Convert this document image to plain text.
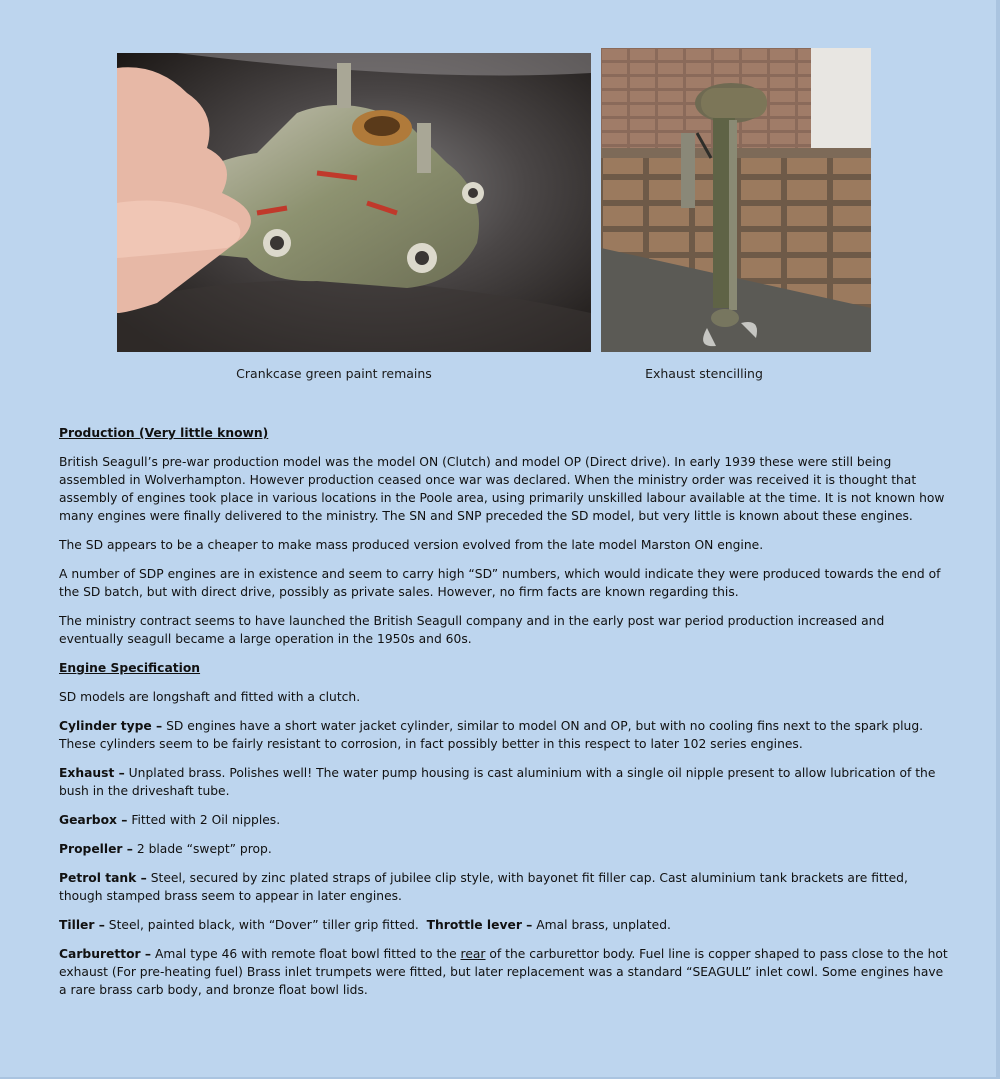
Crankcase green paint remains	Exhaust stencilling

Production (Very little known)

British Seagull’s pre-war production model was the model ON (Clutch) and model OP (Direct drive). In early 1939 these were still being assembled in Wolverhampton. However production ceased once war was declared. When the ministry order was received it is thought that assembly of engines took place in various locations in the Poole area, using primarily unskilled labour available at the time. It is not known how many engines were finally delivered to the ministry. The SN and SNP preceded the SD model, but very little is known about these engines.

The SD appears to be a cheaper to make mass produced version evolved from the late model Marston ON engine.

A number of SDP engines are in existence and seem to carry high “SD” numbers, which would indicate they were produced towards the end of the SD batch, but with direct drive, possibly as private sales. However, no firm facts are known regarding this.

The ministry contract seems to have launched the British Seagull company and in the early post war period production increased and eventually seagull became a large operation in the 1950s and 60s.

Engine Specification

SD models are longshaft and fitted with a clutch.

Cylinder type – SD engines have a short water jacket cylinder, similar to model ON and OP, but with no cooling fins next to the spark plug. These cylinders seem to be fairly resistant to corrosion, in fact possibly better in this respect to later 102 series engines.

Exhaust – Unplated brass. Polishes well! The water pump housing is cast aluminium with a single oil nipple present to allow lubrication of the bush in the driveshaft tube.

Gearbox – Fitted with 2 Oil nipples.

Propeller – 2 blade “swept” prop.

Petrol tank – Steel, secured by zinc plated straps of jubilee clip style, with bayonet fit filler cap. Cast aluminium tank brackets are fitted, though stamped brass seem to appear in later engines.

Tiller – Steel, painted black, with “Dover” tiller grip fitted.  Throttle lever – Amal brass, unplated.

Carburettor – Amal type 46 with remote float bowl fitted to the rear of the carburettor body. Fuel line is copper shaped to pass close to the hot exhaust (For pre-heating fuel) Brass inlet trumpets were fitted, but later replacement was a standard “SEAGULL” inlet cowl. Some engines have a rare brass carb body, and bronze float bowl lids.
